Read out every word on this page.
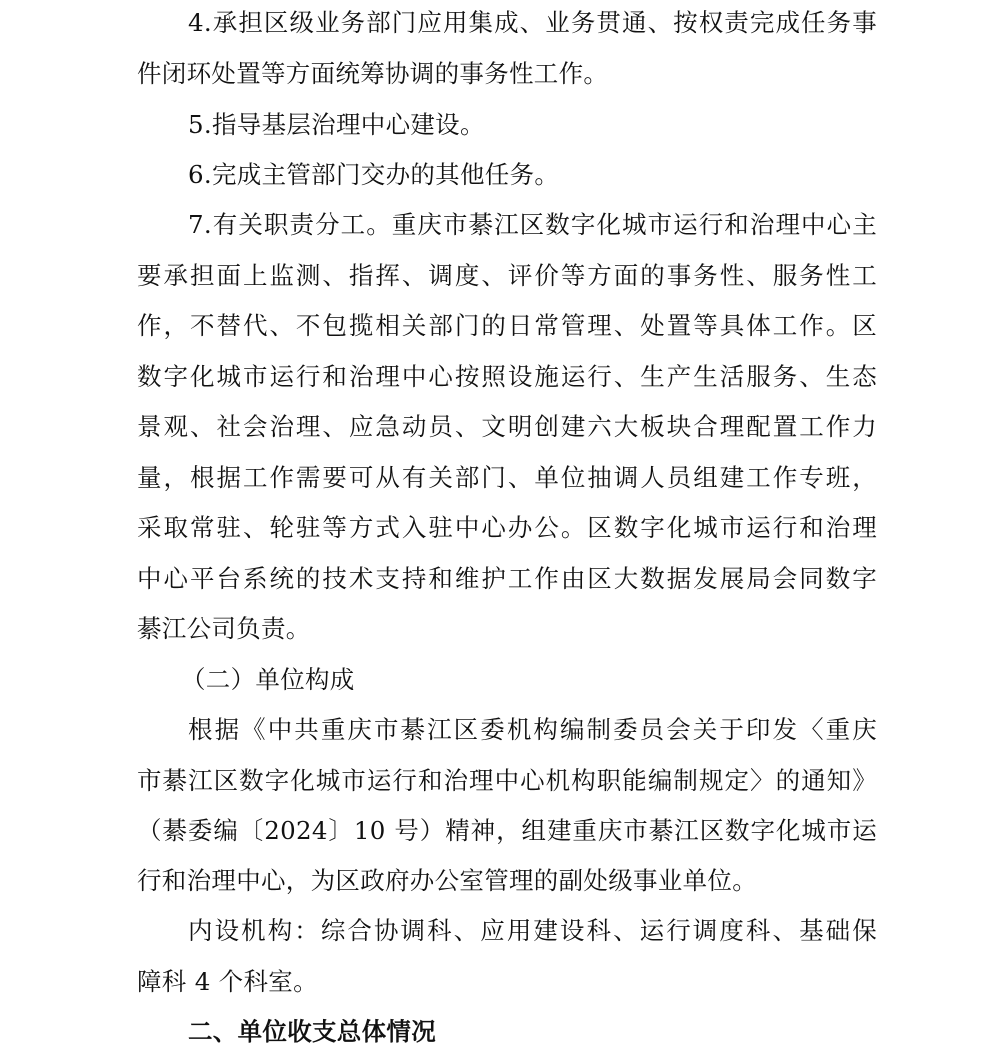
4.承担区级业务部门应用集成、业务贯通、按权责完成任务事
件闭环处置等方面统筹协调的事务性工作。
5.指导基层治理中心建设。
6.完成主管部门交办的其他任务。
7.有关职责分工。重庆市綦江区数字化城市运行和治理中心主
要承担面上监测、指挥、调度、评价等方面的事务性、服务性工
作，不替代、不包揽相关部门的日常管理、处置等具体工作。区
数字化城市运行和治理中心按照设施运行、生产生活服务、生态
景观、社会治理、应急动员、文明创建六大板块合理配置工作力
量，根据工作需要可从有关部门、单位抽调人员组建工作专班，
采取常驻、轮驻等方式入驻中心办公。区数字化城市运行和治理
中心平台系统的技术支持和维护工作由区大数据发展局会同数字
綦江公司负责。
（二）单位构成
根据《中共重庆市綦江区委机构编制委员会关于印发〈重庆
市綦江区数字化城市运行和治理中心机构职能编制规定〉的通知》
（綦委编〔2024〕10 号）精神，组建重庆市綦江区数字化城市运
行和治理中心，为区政府办公室管理的副处级事业单位。
内设机构：综合协调科、应用建设科、运行调度科、基础保
障科 4 个科室。
二、单位收支总体情况
